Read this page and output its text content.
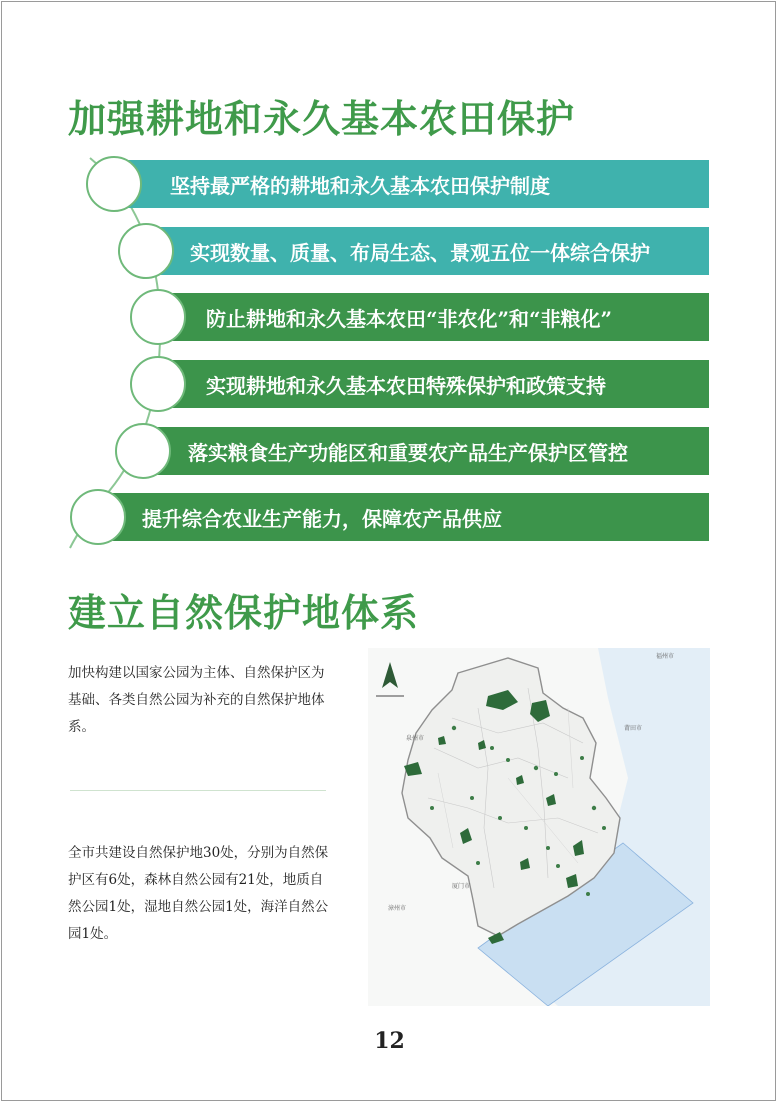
加强耕地和永久基本农田保护
坚持最严格的耕地和永久基本农田保护制度
实现数量、质量、布局生态、景观五位一体综合保护
防止耕地和永久基本农田“非农化”和“非粮化”
实现耕地和永久基本农田特殊保护和政策支持
落实粮食生产功能区和重要农产品生产保护区管控
提升综合农业生产能力，保障农产品供应
建立自然保护地体系

加快构建以国家公园为主体、自然保护区为基础、各类自然公园为补充的自然保护地体系。

全市共建设自然保护地30处，分别为自然保护区有6处，森林自然公园有21处，地质自然公园1处，湿地自然公园1处，海洋自然公园1处。

福州市
莆田市
泉州市
厦门市
漳州市

12
